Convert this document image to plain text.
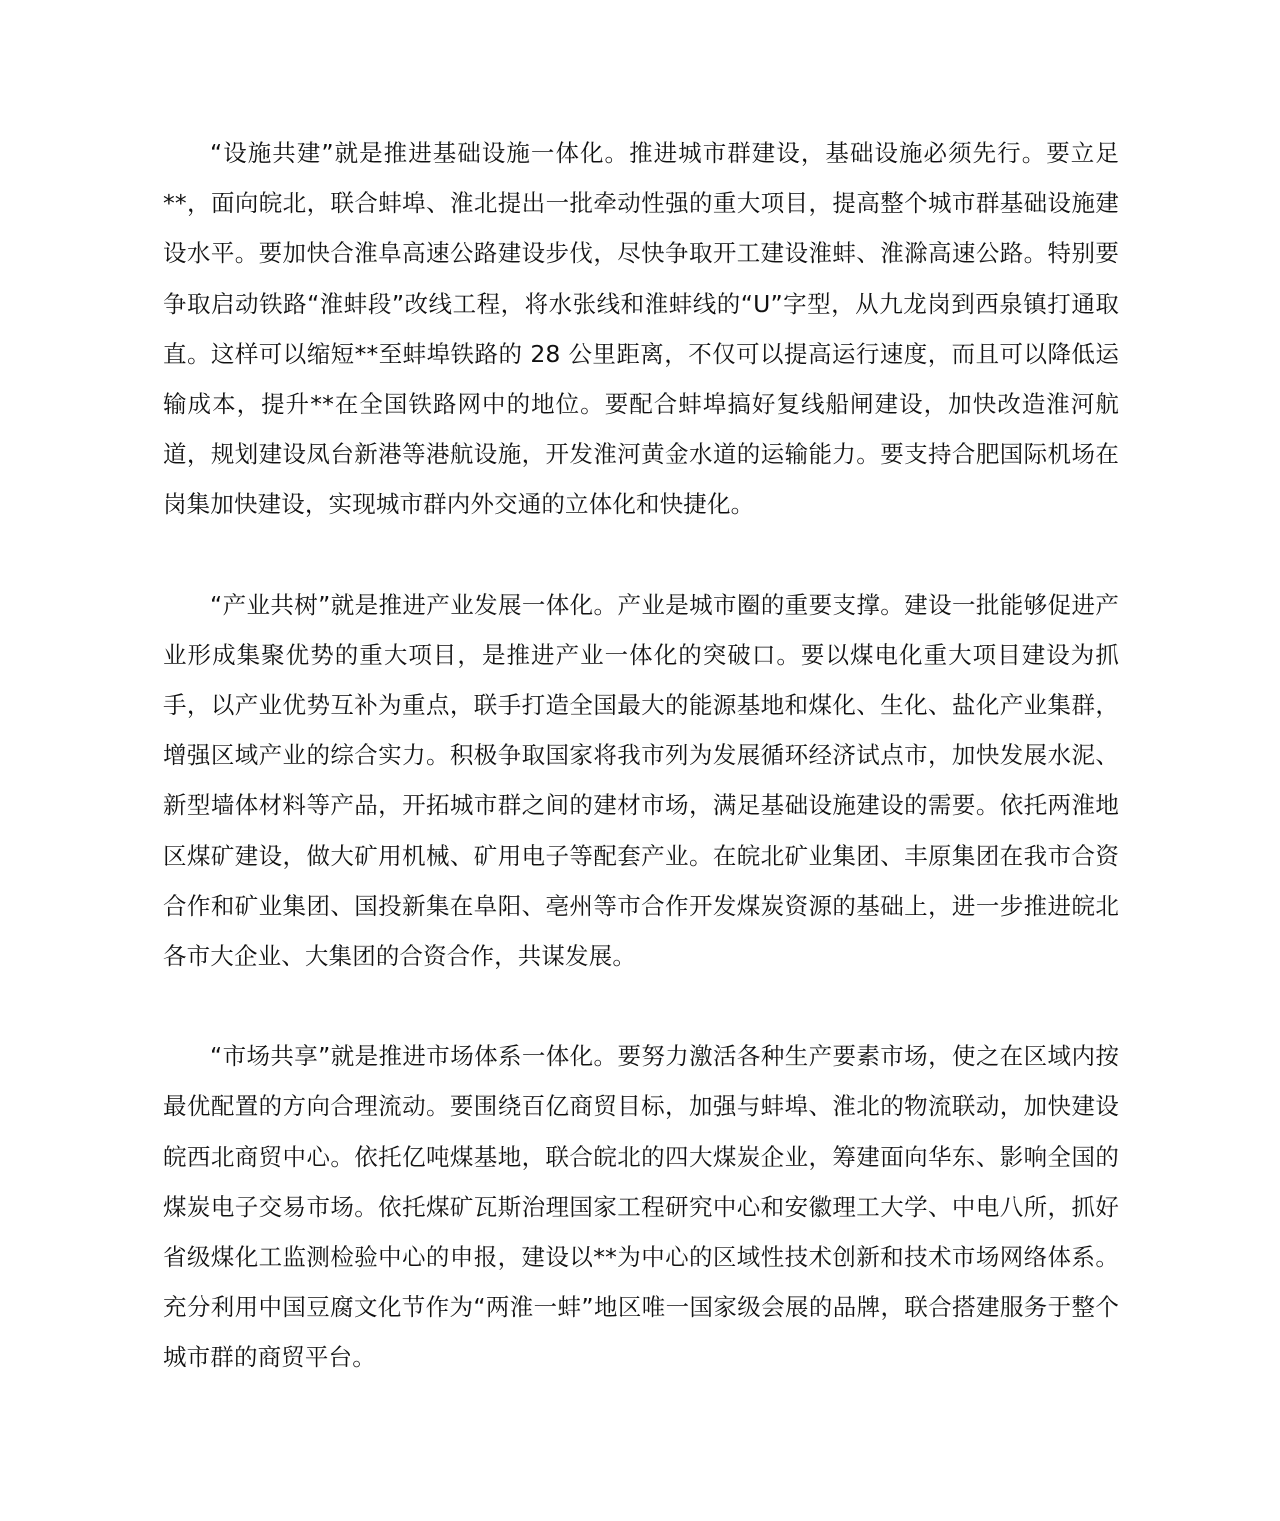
“设施共建”就是推进基础设施一体化。推进城市群建设，基础设施必须先行。要立足**，面向皖北，联合蚌埠、淮北提出一批牵动性强的重大项目，提高整个城市群基础设施建设水平。要加快合淮阜高速公路建设步伐，尽快争取开工建设淮蚌、淮滁高速公路。特别要争取启动铁路“淮蚌段”改线工程，将水张线和淮蚌线的“U”字型，从九龙岗到西泉镇打通取直。这样可以缩短**至蚌埠铁路的 28 公里距离，不仅可以提高运行速度，而且可以降低运输成本，提升**在全国铁路网中的地位。要配合蚌埠搞好复线船闸建设，加快改造淮河航道，规划建设凤台新港等港航设施，开发淮河黄金水道的运输能力。要支持合肥国际机场在岗集加快建设，实现城市群内外交通的立体化和快捷化。

“产业共树”就是推进产业发展一体化。产业是城市圈的重要支撑。建设一批能够促进产业形成集聚优势的重大项目，是推进产业一体化的突破口。要以煤电化重大项目建设为抓手，以产业优势互补为重点，联手打造全国最大的能源基地和煤化、生化、盐化产业集群，增强区域产业的综合实力。积极争取国家将我市列为发展循环经济试点市，加快发展水泥、新型墙体材料等产品，开拓城市群之间的建材市场，满足基础设施建设的需要。依托两淮地区煤矿建设，做大矿用机械、矿用电子等配套产业。在皖北矿业集团、丰原集团在我市合资合作和矿业集团、国投新集在阜阳、亳州等市合作开发煤炭资源的基础上，进一步推进皖北各市大企业、大集团的合资合作，共谋发展。

“市场共享”就是推进市场体系一体化。要努力激活各种生产要素市场，使之在区域内按最优配置的方向合理流动。要围绕百亿商贸目标，加强与蚌埠、淮北的物流联动，加快建设皖西北商贸中心。依托亿吨煤基地，联合皖北的四大煤炭企业，筹建面向华东、影响全国的煤炭电子交易市场。依托煤矿瓦斯治理国家工程研究中心和安徽理工大学、中电八所，抓好省级煤化工监测检验中心的申报，建设以**为中心的区域性技术创新和技术市场网络体系。充分利用中国豆腐文化节作为“两淮一蚌”地区唯一国家级会展的品牌，联合搭建服务于整个城市群的商贸平台。
